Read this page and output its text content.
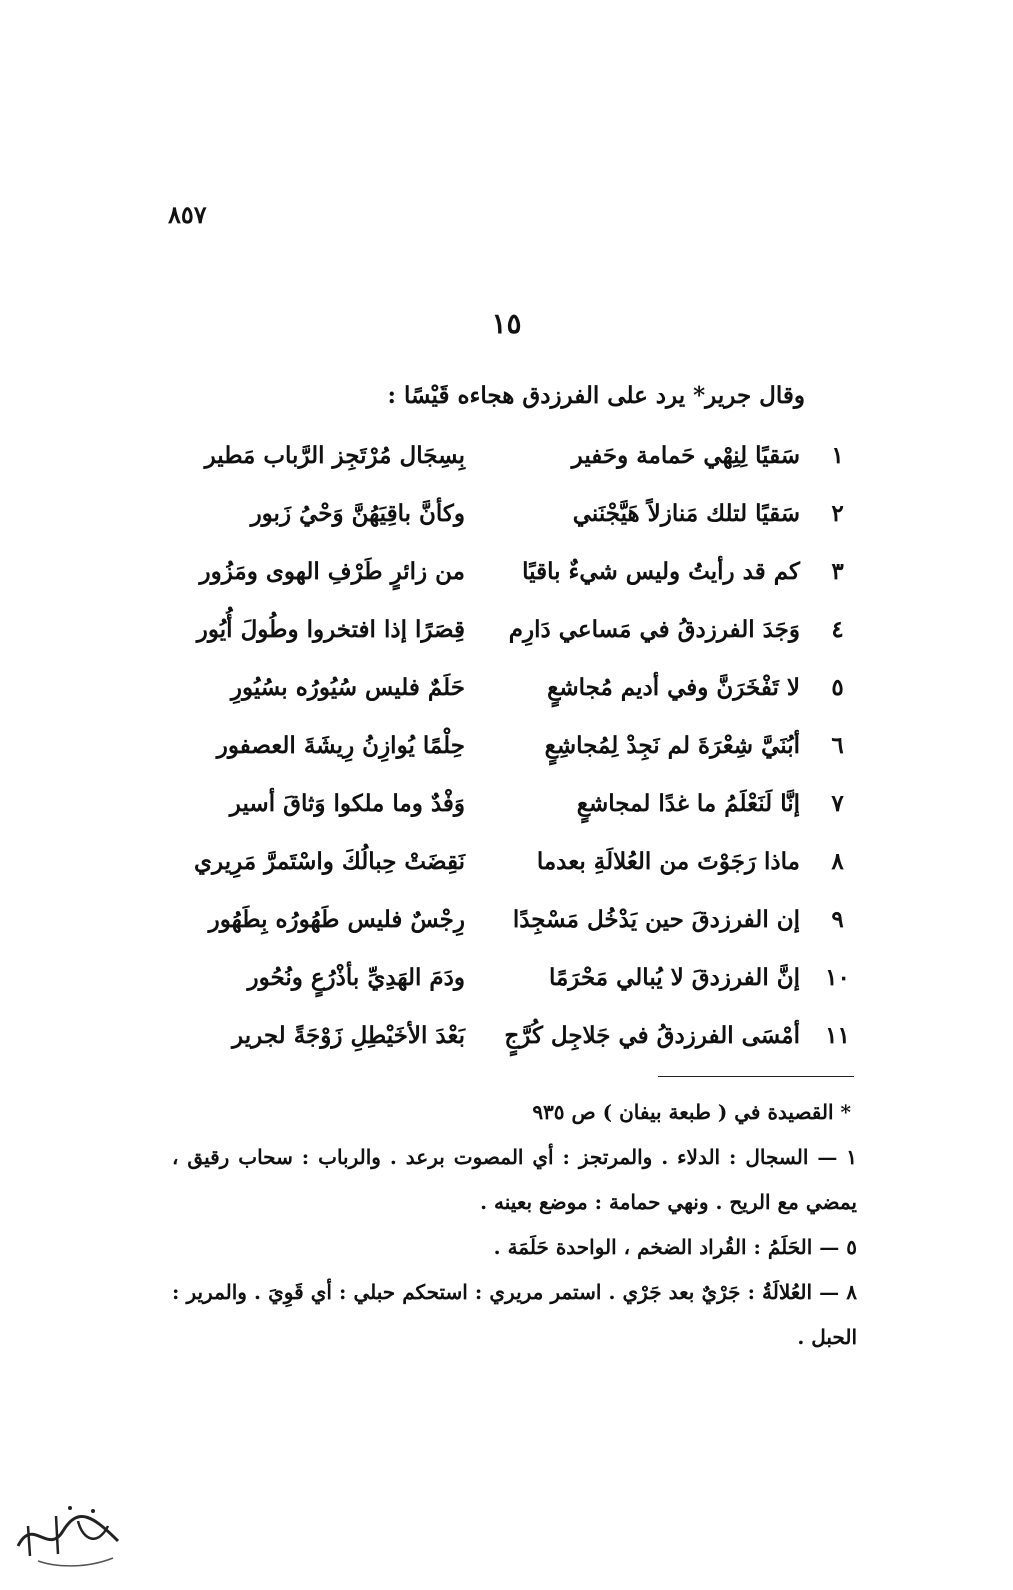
٨٥٧
١٥
وقال جرير* يرد على الفرزدق هجاءه قَيْسًا :
١
سَقيًا لِنِهْي حَمامة وحَفير
بِسِجَال مُرْتَجِز الرَّباب مَطير
٢
سَقيًا لتلك مَنازلاً هَيَّجْنَني
وكأنَّ باقِيَهُنَّ وَحْيُ زَبور
٣
كم قد رأيتُ وليس شيءٌ باقيًا
من زائرٍ طَرْفِ الهوى ومَزُور
٤
وَجَدَ الفرزدقُ في مَساعي دَارِم
قِصَرًا إذا افتخروا وطُولَ أُيُور
٥
لا تَفْخَرَنَّ وفي أديم مُجاشعٍ
حَلَمٌ فليس سُيُورُه بسُيُورِ
٦
أبُنَيَّ شِعْرَةَ لم نَجِدْ لِمُجاشِعٍ
حِلْمًا يُوازِنُ رِيشَةَ العصفور
٧
إنَّا لَنَعْلَمُ ما غدًا لمجاشعٍ
وَفْدٌ وما ملكوا وَثاقَ أسير
٨
ماذا رَجَوْتَ من العُلالَةِ بعدما
نَقِضَتْ حِبالُكَ واسْتَمرَّ مَرِيري
٩
إن الفرزدقَ حين يَدْخُل مَسْجِدًا
رِجْسٌ فليس طَهُورُه بِطَهُور
١٠
إنَّ الفرزدقَ لا يُبالي مَحْرَمًا
ودَمَ الهَدِيِّ بأذْرُعٍ ونُحُور
١١
أمْسَى الفرزدقُ في جَلاجِل كُرَّجٍ
بَعْدَ الأخَيْطِلِ زَوْجَةً لجرير

* القصيدة في ( طبعة بيفان ) ص ٩٣٥

١ — السجال : الدلاء . والمرتجز : أي المصوت برعد . والرباب : سحاب رقيق ، يمضي مع الريح . ونهي حمامة : موضع بعينه .

٥ — الحَلَمُ : القُراد الضخم ، الواحدة حَلَمَة .

٨ — العُلالَةُ : جَرْيٌ بعد جَرْي . استمر مريري : استحكم حبلي : أي قَوِيَ . والمرير : الحبل .
